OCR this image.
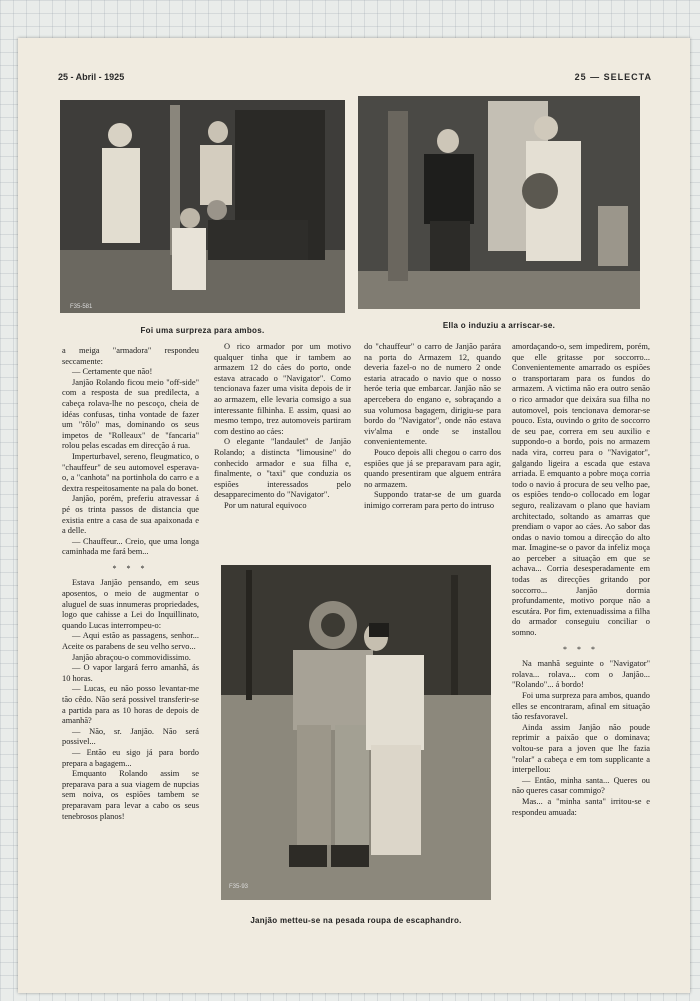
25 - Abril - 1925	25 — SELECTA
F35-581
Foi uma surpreza para ambos.
Ella o induziu a arriscar-se.

a meiga "armadora" respondeu seccamente:

— Certamente que não!

Janjão Rolando ficou meio "off-side" com a resposta de sua predilecta, a cabeça rolava-lhe no pescoço, cheia de idéas confusas, tinha vontade de fazer um "rôlo" mas, dominando os seus impetos de "Rolleaux" de "fancaria" rolou pelas escadas em direcção á rua.

Imperturbavel, sereno, fleugmatico, o "chauffeur" de seu automovel esperava-o, a "canhota" na portinhola do carro e a dextra respeitosamente na pala do bonet.

Janjão, porém, preferiu atravessar á pé os trinta passos de distancia que existia entre a casa de sua apaixonada e a delle.

— Chauffeur... Creio, que uma longa caminhada me fará bem...

* * *

Estava Janjão pensando, em seus aposentos, o meio de augmentar o aluguel de suas innumeras propriedades, logo que cahisse a Lei do Inquillinato, quando Lucas interrompeu-o:

— Aqui estão as passagens, senhor... Aceite os parabens de seu velho servo...

Janjão abraçou-o commovidissimo.

— O vapor largará ferro amanhã, ás 10 horas.

— Lucas, eu não posso levantar-me tão cêdo. Não será possivel transferir-se a partida para as 10 horas de depois de amanhã?

— Não, sr. Janjão. Não será possivel...

— Então eu sigo já para bordo prepara a bagagem...

Emquanto Rolando assim se preparava para a sua viagem de nupcias sem noiva, os espiões tambem se preparavam para levar a cabo os seus tenebrosos planos!

O rico armador por um motivo qualquer tinha que ir tambem ao armazem 12 do cáes do porto, onde estava atracado o "Navigator". Como tencionava fazer uma visita depois de ir ao armazem, elle levaria comsigo a sua interessante filhinha. E assim, quasi ao mesmo tempo, trez automoveis partiram com destino ao cáes:

O elegante "landaulet" de Janjão Rolando; a distincta "limousine" do conhecido armador e sua filha e, finalmente, o "taxi" que conduzia os espiões interessados pelo desapparecimento do "Navigator".

Por um natural equivoco

do "chauffeur" o carro de Janjão parára na porta do Armazem 12, quando deveria fazel-o no de numero 2 onde estaria atracado o navio que o nosso heróe teria que embarcar. Janjão não se apercebera do engano e, sobraçando a sua volumosa bagagem, dirigiu-se para bordo do "Navigator", onde não estava viv'alma e onde se installou convenientemente.

Pouco depois alli chegou o carro dos espiões que já se preparavam para agir, quando presentiram que alguem entrára no armazem.

Suppondo tratar-se de um guarda inimigo correram para perto do intruso

F35-93
Janjão metteu-se na pesada roupa de escaphandro.

amordaçando-o, sem impedirem, porém, que elle gritasse por soccorro... Convenientemente amarrado os espiões o transportaram para os fundos do armazem. A victima não era outro senão o rico armador que deixára sua filha no automovel, pois tencionava demorar-se pouco. Esta, ouvindo o grito de soccorro de seu pae, correra em seu auxilio e suppondo-o a bordo, pois no armazem nada vira, correu para o "Navigator", galgando ligeira a escada que estava arriada. E emquanto a pobre moça corria todo o navio á procura de seu velho pae, os espiões tendo-o collocado em logar seguro, realizavam o plano que haviam architectado, soltando as amarras que prendiam o vapor ao cáes. Ao sabor das ondas o navio tomou a direcção do alto mar. Imagine-se o pavor da infeliz moça ao perceber a situação em que se achava... Corria desesperadamente em todas as direcções gritando por soccorro... Janjão dormia profundamente, motivo porque não a escutára. Por fim, extenuadissima a filha do armador conseguiu conciliar o somno.

* * *

Na manhã seguinte o "Navigator" rolava... rolava... com o Janjão... "Rolando"... á bordo!

Foi uma surpreza para ambos, quando elles se encontraram, afinal em situação tão resfavoravel.

Ainda assim Janjão não poude reprimir a paixão que o dominava; voltou-se para a joven que lhe fazia "rolar" a cabeça e em tom supplicante a interpellou:

— Então, minha santa... Queres ou não queres casar commigo?

Mas... a "minha santa" irritou-se e respondeu amuada:
